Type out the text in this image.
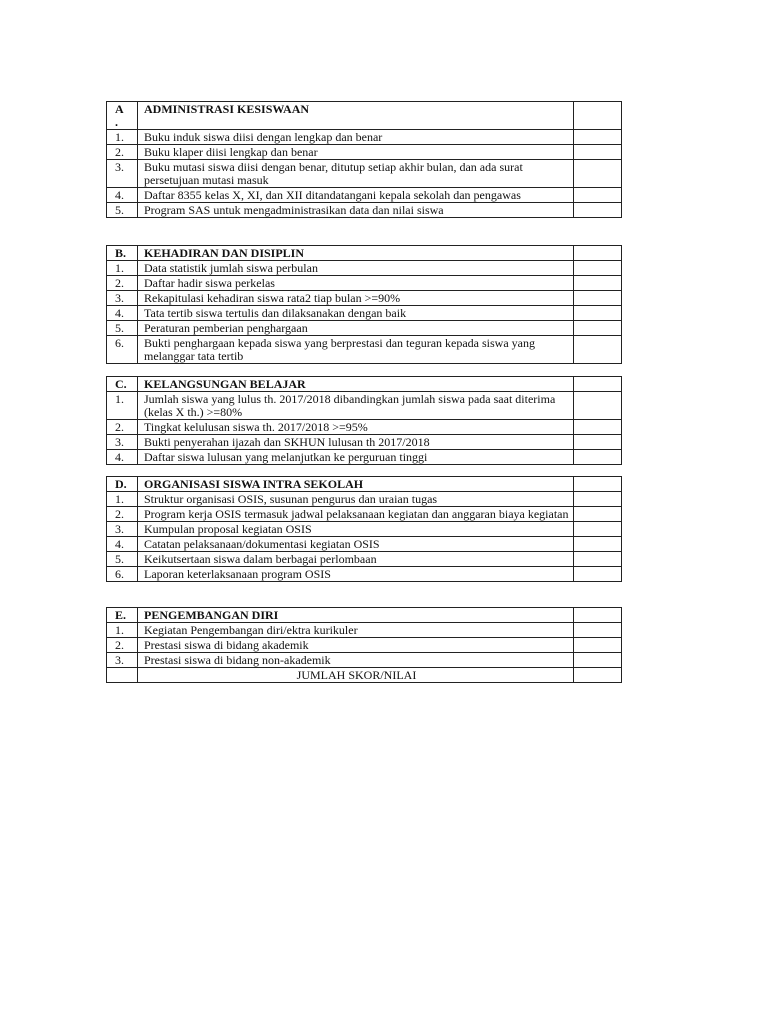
A
.	ADMINISTRASI KESISWAAN	
1.	Buku induk siswa diisi dengan lengkap dan benar	
2.	Buku klaper diisi lengkap dan benar	
3.	Buku mutasi siswa diisi dengan benar, ditutup setiap akhir bulan, dan ada surat persetujuan mutasi masuk	
4.	Daftar 8355 kelas X, XI, dan XII ditandatangani kepala sekolah dan pengawas	
5.	Program SAS untuk mengadministrasikan data dan nilai siswa	
B.	KEHADIRAN DAN DISIPLIN	
1.	Data statistik jumlah siswa perbulan	
2.	Daftar hadir siswa perkelas	
3.	Rekapitulasi kehadiran siswa rata2 tiap bulan >=90%	
4.	Tata tertib siswa tertulis dan dilaksanakan dengan baik	
5.	Peraturan pemberian penghargaan	
6.	Bukti penghargaan kepada siswa yang berprestasi dan teguran kepada siswa yang melanggar tata tertib	
C.	KELANGSUNGAN BELAJAR	
1.	Jumlah siswa yang lulus th. 2017/2018 dibandingkan jumlah siswa pada saat diterima (kelas X th.) >=80%	
2.	Tingkat kelulusan siswa th. 2017/2018 >=95%	
3.	Bukti penyerahan ijazah dan SKHUN lulusan th 2017/2018	
4.	Daftar siswa lulusan yang melanjutkan ke perguruan tinggi	
D.	ORGANISASI SISWA INTRA SEKOLAH	
1.	Struktur organisasi OSIS, susunan pengurus dan uraian tugas	
2.	Program kerja OSIS termasuk jadwal pelaksanaan kegiatan dan anggaran biaya kegiatan	
3.	Kumpulan proposal kegiatan OSIS	
4.	Catatan pelaksanaan/dokumentasi kegiatan OSIS	
5.	Keikutsertaan siswa dalam berbagai perlombaan	
6.	Laporan keterlaksanaan program OSIS	
E.	PENGEMBANGAN DIRI	
1.	Kegiatan Pengembangan diri/ektra kurikuler	
2.	Prestasi siswa di bidang akademik	
3.	Prestasi siswa di bidang non-akademik	
	JUMLAH SKOR/NILAI	
